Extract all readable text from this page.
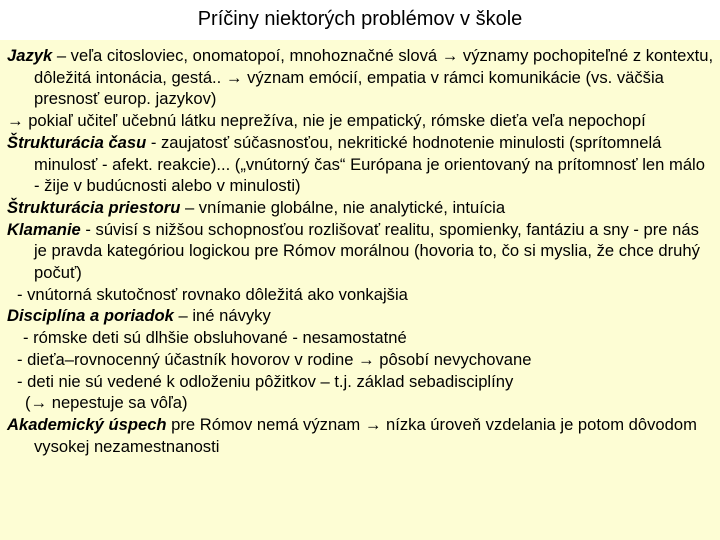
Príčiny niektorých problémov v škole

Jazyk – veľa citosloviec, onomatopoí, mnohoznačné slová → významy pochopiteľné z kontextu, dôležitá intonácia, gestá.. → význam emócií, empatia v rámci komunikácie (vs. väčšia presnosť europ. jazykov)

→ pokiaľ učiteľ učebnú látku neprežíva, nie je empatický, rómske dieťa veľa nepochopí

Štrukturácia času - zaujatosť súčasnosťou, nekritické hodnotenie minulosti (sprítomnelá minulosť - afekt. reakcie)... („vnútorný čas“ Európana je orientovaný na prítomnosť len málo - žije v budúcnosti alebo v minulosti)

Štrukturácia priestoru – vnímanie globálne, nie analytické, intuícia

Klamanie - súvisí s nižšou schopnosťou rozlišovať realitu, spomienky, fantáziu a sny - pre nás je pravda kategóriou logickou pre Rómov morálnou (hovoria to, čo si myslia, že chce druhý počuť)

- vnútorná skutočnosť rovnako dôležitá ako vonkajšia

Disciplína a poriadok – iné návyky

- rómske deti sú dlhšie obsluhované - nesamostatné

- dieťa–rovnocenný účastník hovorov v rodine → pôsobí nevychovane

- deti nie sú vedené k odloženiu pôžitkov – t.j. základ sebadisciplíny

(→ nepestuje sa vôľa)

Akademický úspech pre Rómov nemá význam → nízka úroveň vzdelania je potom dôvodom vysokej nezamestnanosti
